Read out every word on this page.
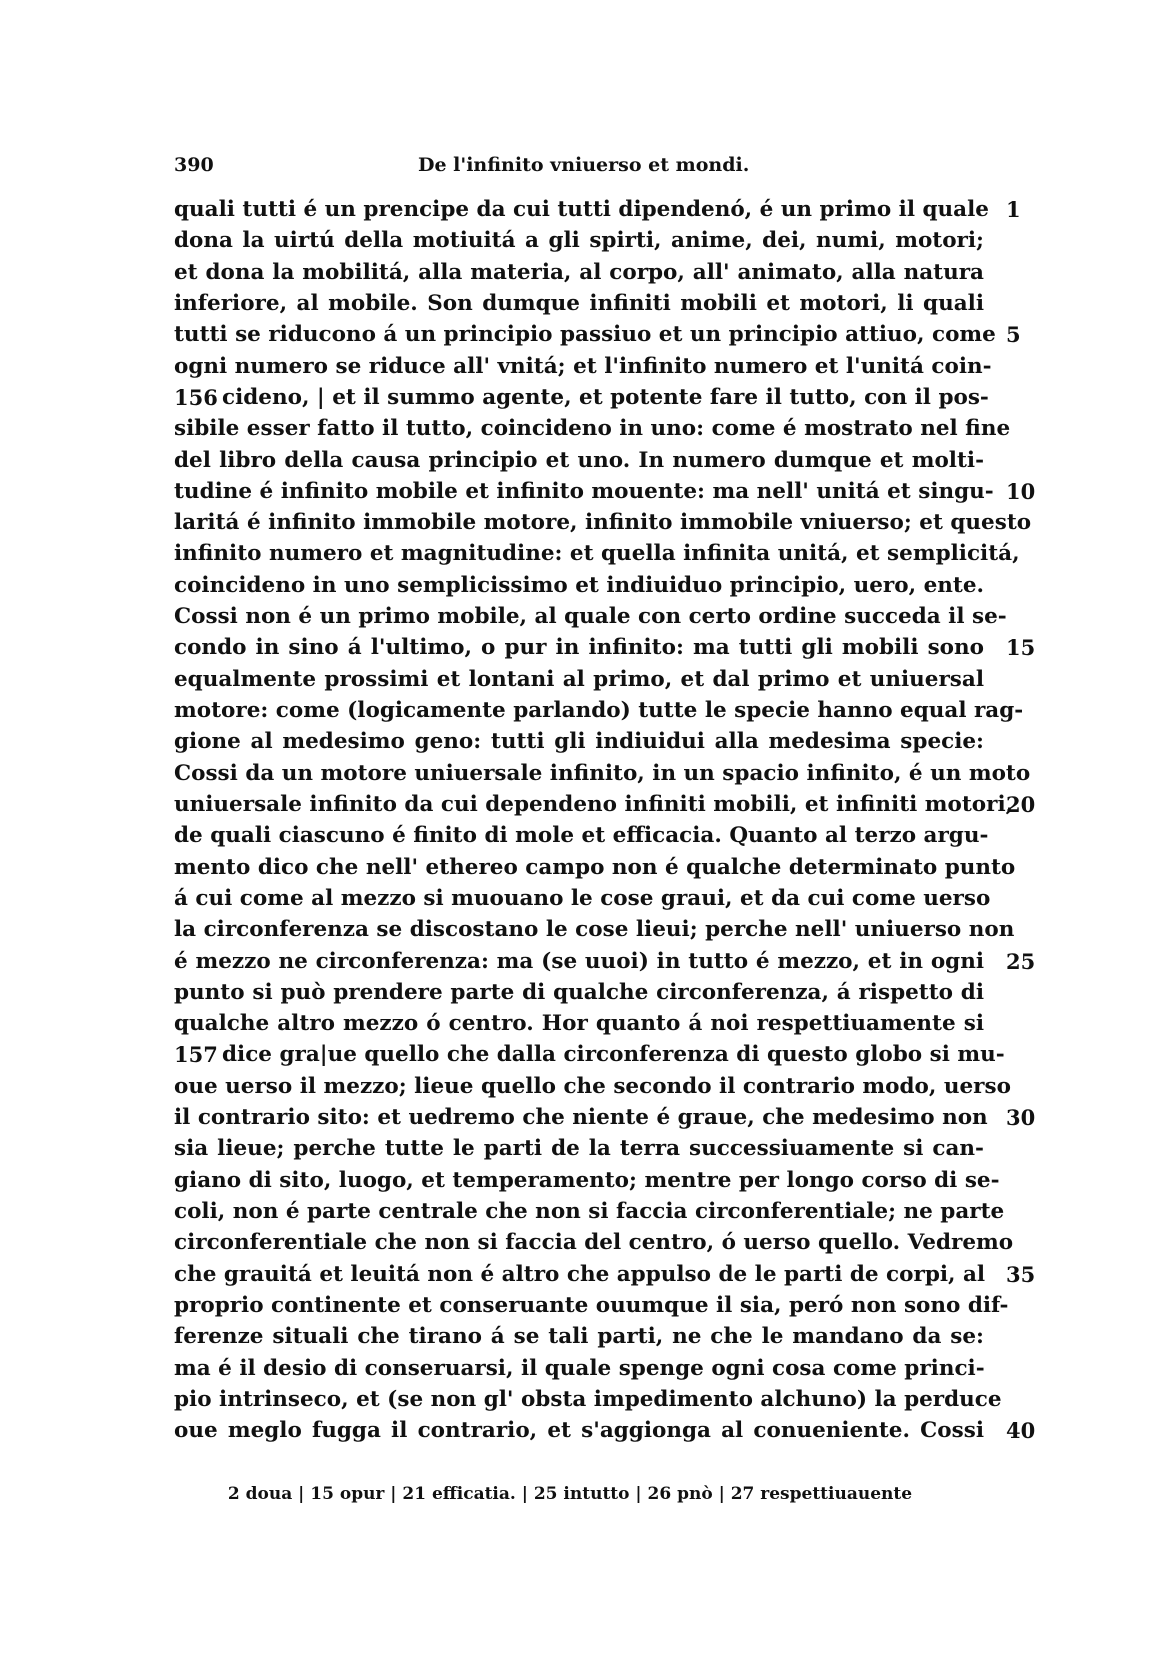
390	De l'infinito vniuerso et mondi.
quali tutti é un prencipe da cui tutti dipendenó, é un primo il quale 1
dona la uirtú della motiuitá a gli spirti, anime, dei, numi, motori;
et dona la mobilitá, alla materia, al corpo, all' animato, alla natura
inferiore, al mobile. Son dumque infiniti mobili et motori, li quali
tutti se riducono á un principio passiuo et un principio attiuo, come 5
ogni numero se riduce all' vnitá; et l'infinito numero et l'unitá coin-
cideno, | et il summo agente, et potente fare il tutto, con il pos-
156
sibile esser fatto il tutto, coincideno in uno: come é mostrato nel fine
del libro della causa principio et uno. In numero dumque et molti-
tudine é infinito mobile et infinito mouente: ma nell' unitá et singu- 10
laritá é infinito immobile motore, infinito immobile vniuerso; et questo
infinito numero et magnitudine: et quella infinita unitá, et semplicitá,
coincideno in uno semplicissimo et indiuiduo principio, uero, ente.
Cossi non é un primo mobile, al quale con certo ordine succeda il se-
condo in sino á l'ultimo, o pur in infinito: ma tutti gli mobili sono 15
equalmente prossimi et lontani al primo, et dal primo et uniuersal
motore: come (logicamente parlando) tutte le specie hanno equal rag-
gione al medesimo geno: tutti gli indiuidui alla medesima specie:
Cossi da un motore uniuersale infinito, in un spacio infinito, é un moto
uniuersale infinito da cui dependeno infiniti mobili, et infiniti motori,
20
de quali ciascuno é finito di mole et efficacia. Quanto al terzo argu-
mento dico che nell' ethereo campo non é qualche determinato punto
á cui come al mezzo si muouano le cose graui, et da cui come uerso
la circonferenza se discostano le cose lieui; perche nell' uniuerso non
é mezzo ne circonferenza: ma (se uuoi) in tutto é mezzo, et in ogni 25
punto si può prendere parte di qualche circonferenza, á rispetto di
qualche altro mezzo ó centro. Hor quanto á noi respettiuamente si
dice gra|ue quello che dalla circonferenza di questo globo si mu-
157
oue uerso il mezzo; lieue quello che secondo il contrario modo, uerso
il contrario sito: et uedremo che niente é graue, che medesimo non 30
sia lieue; perche tutte le parti de la terra successiuamente si can-
giano di sito, luogo, et temperamento; mentre per longo corso di se-
coli, non é parte centrale che non si faccia circonferentiale; ne parte
circonferentiale che non si faccia del centro, ó uerso quello. Vedremo
che grauitá et leuitá non é altro che appulso de le parti de corpi, al 35
proprio continente et conseruante ouumque il sia, peró non sono dif-
ferenze situali che tirano á se tali parti, ne che le mandano da se:
ma é il desio di conseruarsi, il quale spenge ogni cosa come princi-
pio intrinseco, et (se non gl' obsta impedimento alchuno) la perduce
oue meglo fugga il contrario, et s'aggionga al conueniente. Cossi 40
2 doua | 15 opur | 21 efficatia. | 25 intutto | 26 pnò | 27 respettiuauente
